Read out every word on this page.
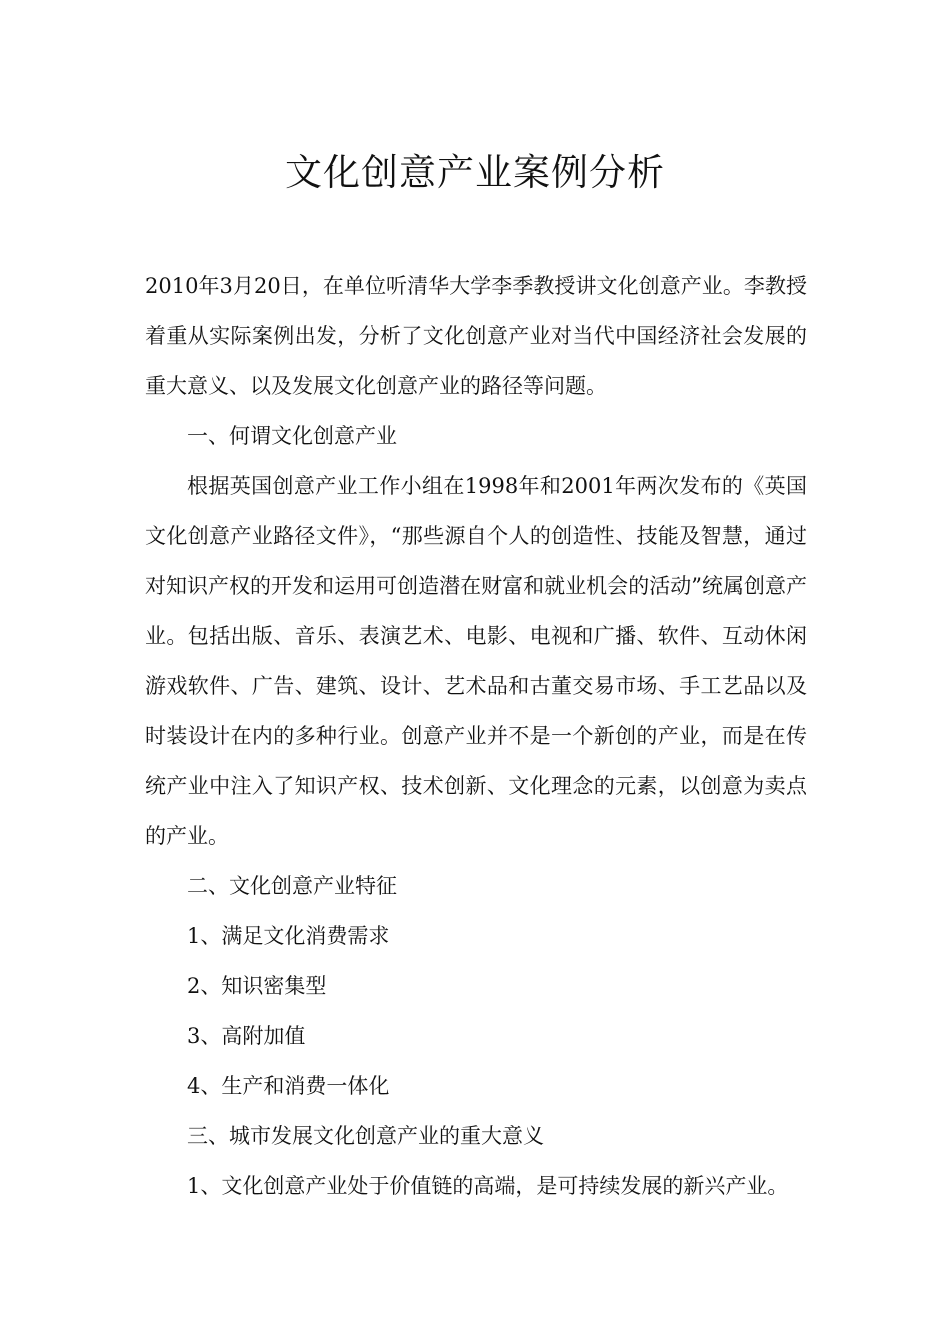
文化创意产业案例分析

2010年3月20日，在单位听清华大学李季教授讲文化创意产业。李教授着重从实际案例出发，分析了文化创意产业对当代中国经济社会发展的重大意义、以及发展文化创意产业的路径等问题。

一、何谓文化创意产业

根据英国创意产业工作小组在1998年和2001年两次发布的《英国文化创意产业路径文件》，“那些源自个人的创造性、技能及智慧，通过对知识产权的开发和运用可创造潜在财富和就业机会的活动”统属创意产业。包括出版、音乐、表演艺术、电影、电视和广播、软件、互动休闲游戏软件、广告、建筑、设计、艺术品和古董交易市场、手工艺品以及时装设计在内的多种行业。创意产业并不是一个新创的产业，而是在传统产业中注入了知识产权、技术创新、文化理念的元素，以创意为卖点的产业。

二、文化创意产业特征

1、满足文化消费需求

2、知识密集型

3、高附加值

4、生产和消费一体化

三、城市发展文化创意产业的重大意义

1、文化创意产业处于价值链的高端，是可持续发展的新兴产业。
